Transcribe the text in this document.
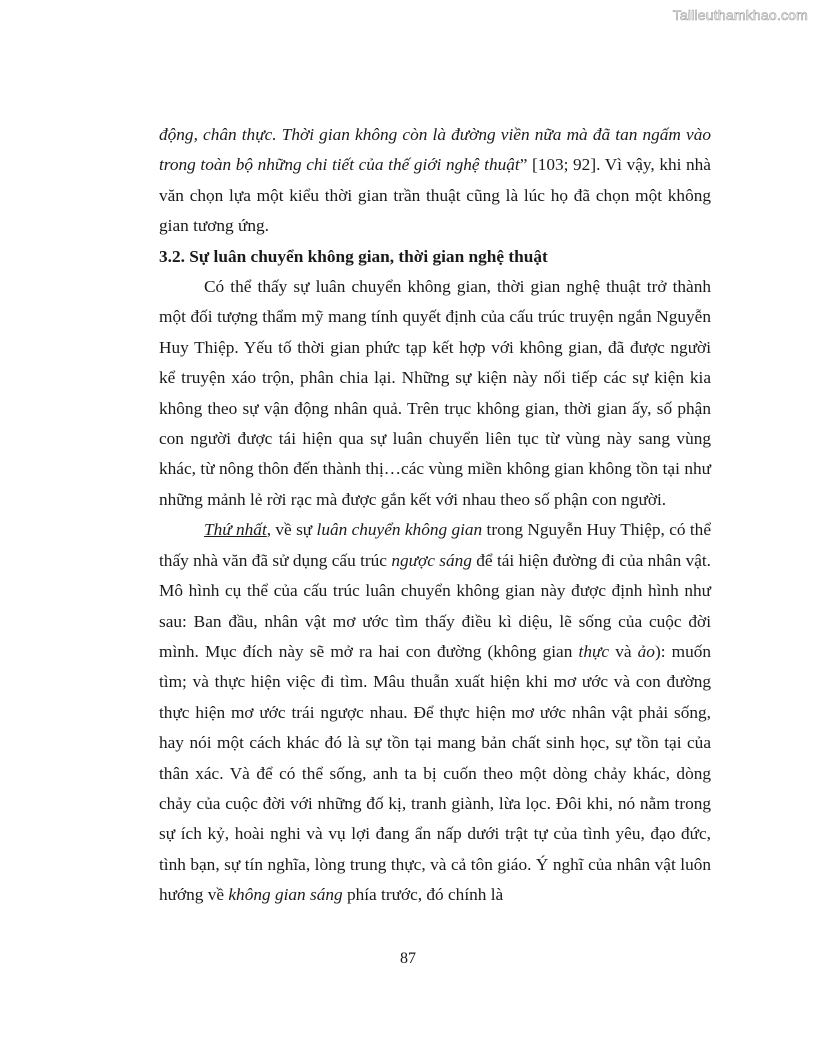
Tailieuthamkhao.com

động, chân thực. Thời gian không còn là đường viền nữa mà đã tan ngấm vào trong toàn bộ những chi tiết của thế giới nghệ thuật” [103; 92]. Vì vậy, khi nhà văn chọn lựa một kiểu thời gian trần thuật cũng là lúc họ đã chọn một không gian tương ứng.

3.2. Sự luân chuyển không gian, thời gian nghệ thuật

Có thể thấy sự luân chuyển không gian, thời gian nghệ thuật trở thành một đối tượng thẩm mỹ mang tính quyết định của cấu trúc truyện ngắn Nguyễn Huy Thiệp. Yếu tố thời gian phức tạp kết hợp với không gian, đã được người kể truyện xáo trộn, phân chia lại. Những sự kiện này nối tiếp các sự kiện kia không theo sự vận động nhân quả. Trên trục không gian, thời gian ấy, số phận con người được tái hiện qua sự luân chuyển liên tục từ vùng này sang vùng khác, từ nông thôn đến thành thị…các vùng miền không gian không tồn tại như những mảnh lẻ rời rạc mà được gắn kết với nhau theo số phận con người.

Thứ nhất, về sự luân chuyển không gian trong Nguyễn Huy Thiệp, có thể thấy nhà văn đã sử dụng cấu trúc ngược sáng để tái hiện đường đi của nhân vật. Mô hình cụ thể của cấu trúc luân chuyển không gian này được định hình như sau: Ban đầu, nhân vật mơ ước tìm thấy điều kì diệu, lẽ sống của cuộc đời mình. Mục đích này sẽ mở ra hai con đường (không gian thực và ảo): muốn tìm; và thực hiện việc đi tìm. Mâu thuẫn xuất hiện khi mơ ước và con đường thực hiện mơ ước trái ngược nhau. Để thực hiện mơ ước nhân vật phải sống, hay nói một cách khác đó là sự tồn tại mang bản chất sinh học, sự tồn tại của thân xác. Và để có thể sống, anh ta bị cuốn theo một dòng chảy khác, dòng chảy của cuộc đời với những đố kị, tranh giành, lừa lọc. Đôi khi, nó nằm trong sự ích kỷ, hoài nghi và vụ lợi đang ẩn nấp dưới trật tự của tình yêu, đạo đức, tình bạn, sự tín nghĩa, lòng trung thực, và cả tôn giáo. Ý nghĩ của nhân vật luôn hướng về không gian sáng phía trước, đó chính là

87
